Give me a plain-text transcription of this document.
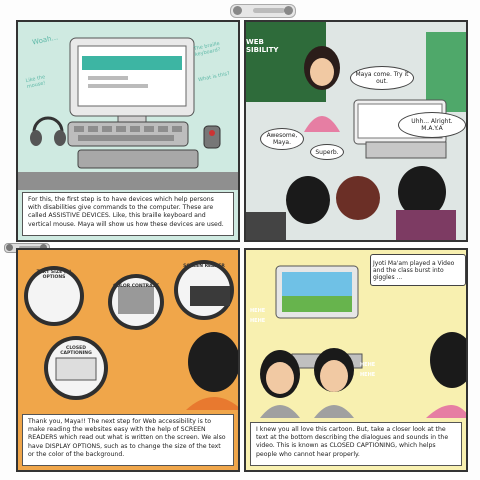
Woah...	The braille keyboard?
What is this?
Like the mouse!
For this, the first step is to have devices which help persons with disabilities give commands to the computer. These are called ASSISTIVE DEVICES. Like, this braille keyboard and vertical mouse. Maya will show us how these devices are used.
WEB
SIBILITY
Maya come. Try it out.
Uhh... Alright. M.A.Y.A
Awesome, Maya.
Superb.
TEXT SIZE (A) OPTIONS
COLOR CONTRAST
SCREEN READER
CLOSED CAPTIONING
Thank you, Maya!! The next step for Web accessibility is to make reading the websites easy with the help of SCREEN READERS which read out what is written on the screen. We also have DISPLAY OPTIONS, such as to change the size of the text or the color of the background.
Jyoti Ma'am played a Video and the class burst into giggles ...
HEHE
HEHE
HEHE
HEHE
I knew you all love this cartoon. But, take a closer look at the text at the bottom describing the dialogues and sounds in the video. This is known as CLOSED CAPTIONING, which helps people who cannot hear properly.
